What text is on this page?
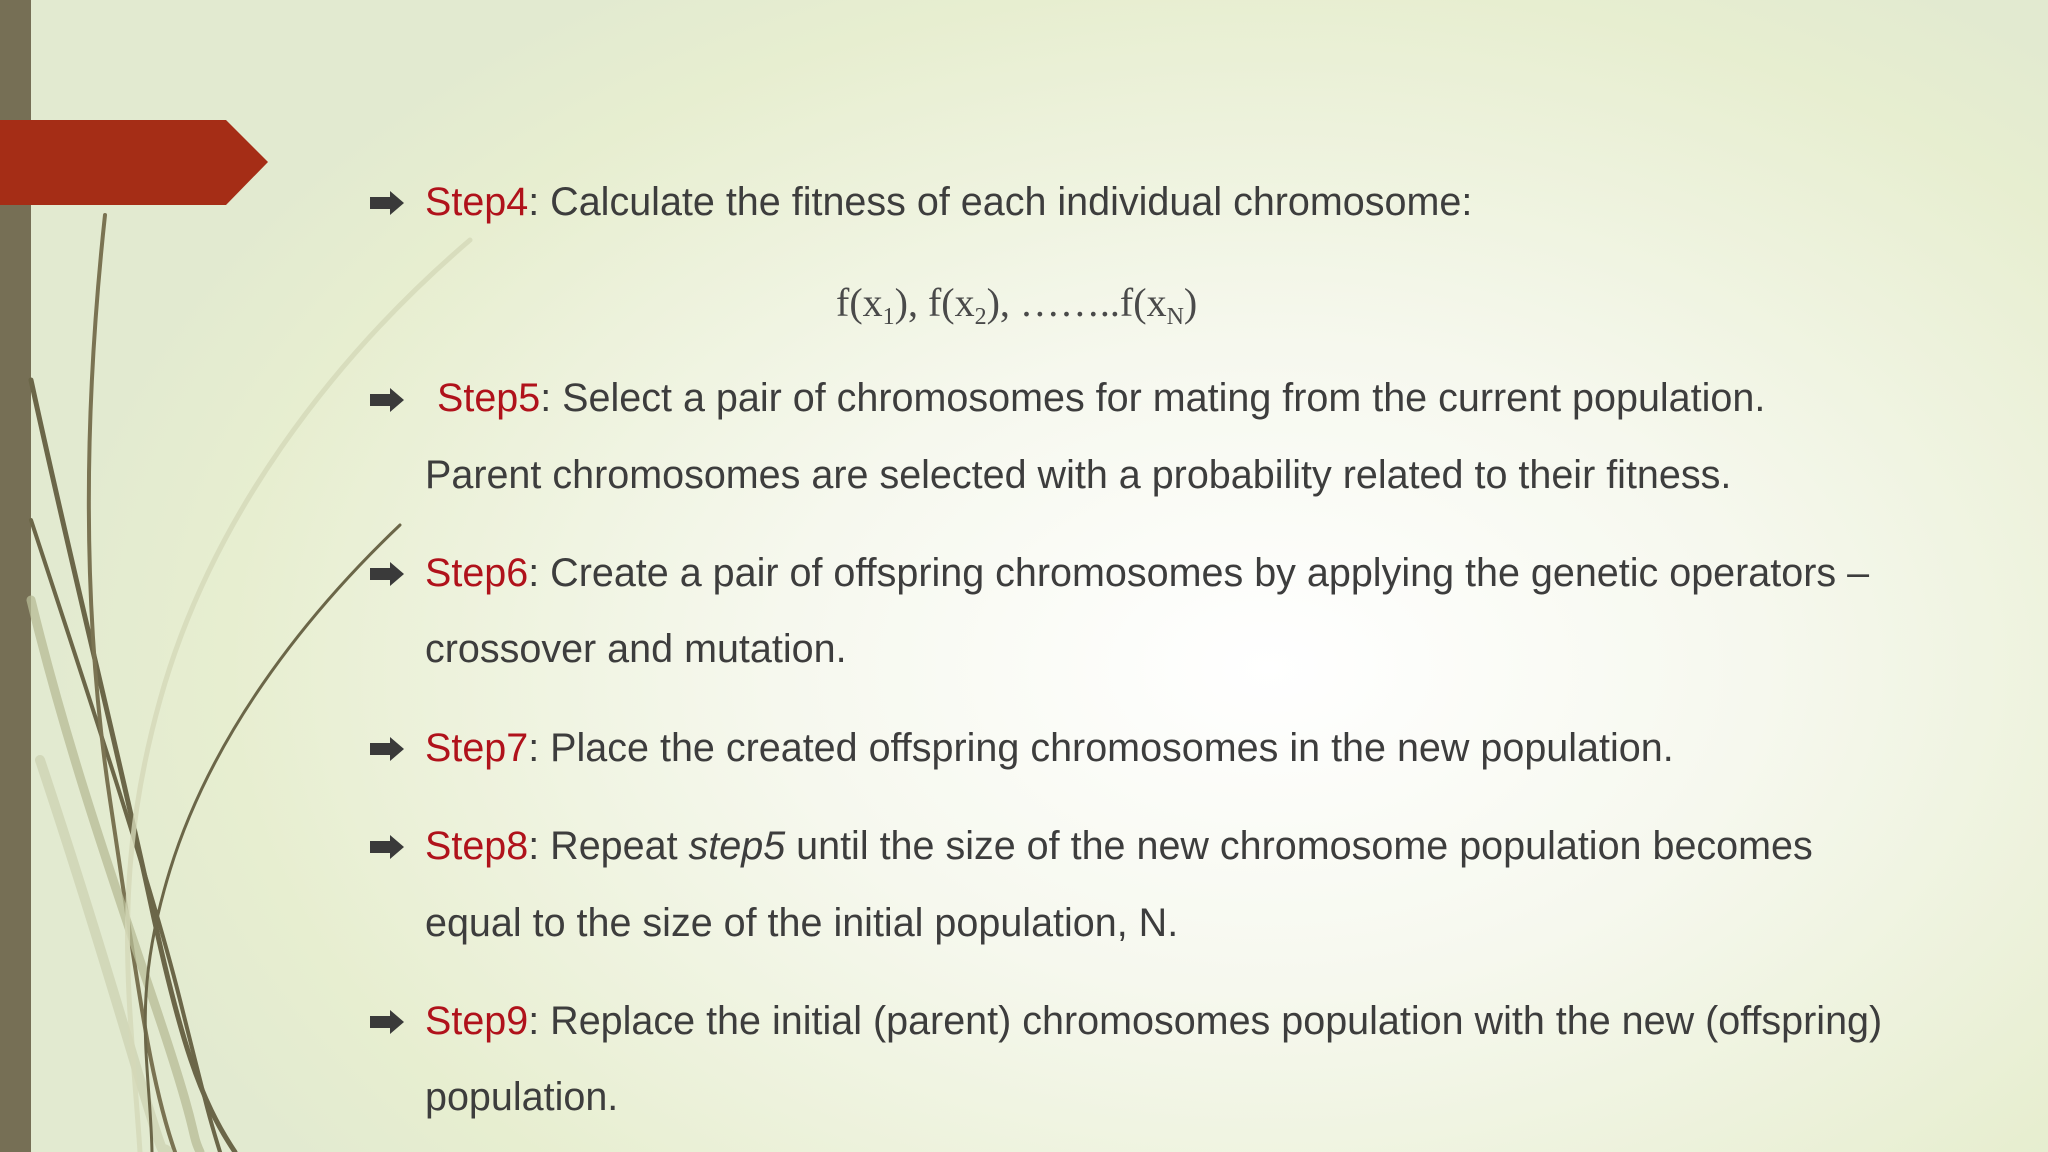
Step4: Calculate the fitness of each individual chromosome:
$f(x_1)$, $f(x_2)$, $\dots\dots..f(x_N)$
Step5: Select a pair of chromosomes for mating from the current population.
Parent chromosomes are selected with a probability related to their fitness.
Step6: Create a pair of offspring chromosomes by applying the genetic operators –
crossover and mutation.
Step7: Place the created offspring chromosomes in the new population.
Step8: Repeat step5 until the size of the new chromosome population becomes
equal to the size of the initial population, N.
Step9: Replace the initial (parent) chromosomes population with the new (offspring)
population.
